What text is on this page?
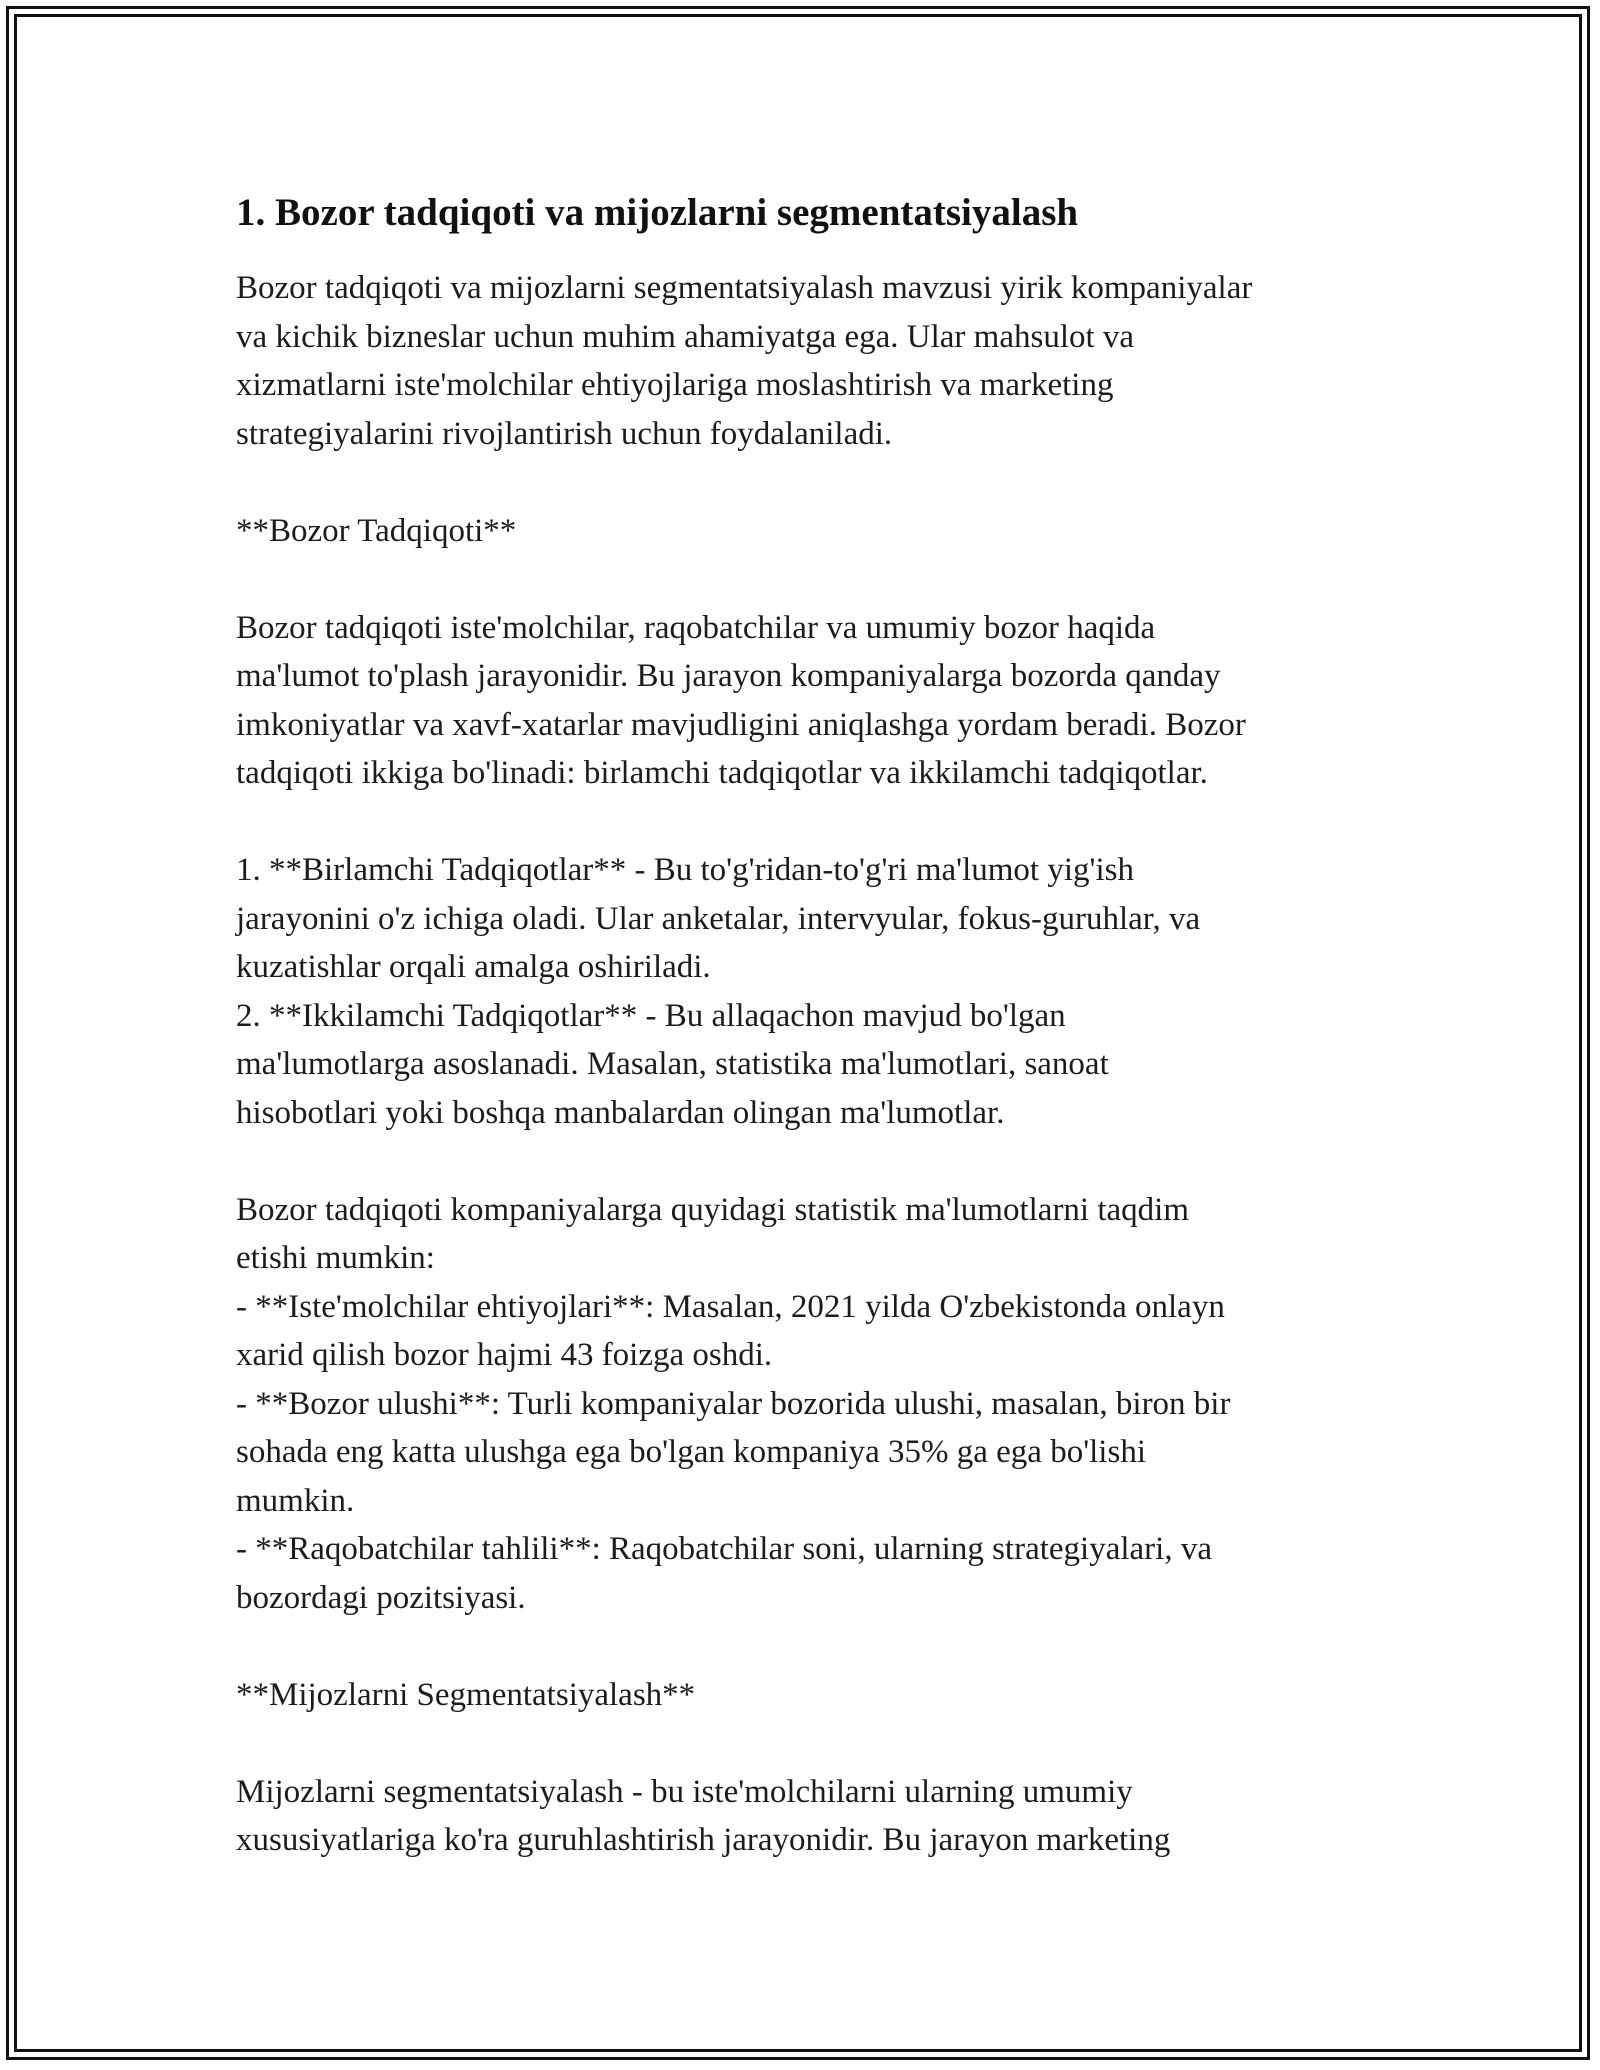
1. Bozor tadqiqoti va mijozlarni segmentatsiyalash

Bozor tadqiqoti va mijozlarni segmentatsiyalash mavzusi yirik kompaniyalar
va kichik bizneslar uchun muhim ahamiyatga ega. Ular mahsulot va
xizmatlarni iste'molchilar ehtiyojlariga moslashtirish va marketing
strategiyalarini rivojlantirish uchun foydalaniladi.

**Bozor Tadqiqoti**

Bozor tadqiqoti iste'molchilar, raqobatchilar va umumiy bozor haqida
ma'lumot to'plash jarayonidir. Bu jarayon kompaniyalarga bozorda qanday
imkoniyatlar va xavf-xatarlar mavjudligini aniqlashga yordam beradi. Bozor
tadqiqoti ikkiga bo'linadi: birlamchi tadqiqotlar va ikkilamchi tadqiqotlar.

1. **Birlamchi Tadqiqotlar** - Bu to'g'ridan-to'g'ri ma'lumot yig'ish
jarayonini o'z ichiga oladi. Ular anketalar, intervyular, fokus-guruhlar, va
kuzatishlar orqali amalga oshiriladi.
2. **Ikkilamchi Tadqiqotlar** - Bu allaqachon mavjud bo'lgan
ma'lumotlarga asoslanadi. Masalan, statistika ma'lumotlari, sanoat
hisobotlari yoki boshqa manbalardan olingan ma'lumotlar.

Bozor tadqiqoti kompaniyalarga quyidagi statistik ma'lumotlarni taqdim
etishi mumkin:
- **Iste'molchilar ehtiyojlari**: Masalan, 2021 yilda O'zbekistonda onlayn
xarid qilish bozor hajmi 43 foizga oshdi.
- **Bozor ulushi**: Turli kompaniyalar bozorida ulushi, masalan, biron bir
sohada eng katta ulushga ega bo'lgan kompaniya 35% ga ega bo'lishi
mumkin.
- **Raqobatchilar tahlili**: Raqobatchilar soni, ularning strategiyalari, va
bozordagi pozitsiyasi.

**Mijozlarni Segmentatsiyalash**

Mijozlarni segmentatsiyalash - bu iste'molchilarni ularning umumiy
xususiyatlariga ko'ra guruhlashtirish jarayonidir. Bu jarayon marketing
